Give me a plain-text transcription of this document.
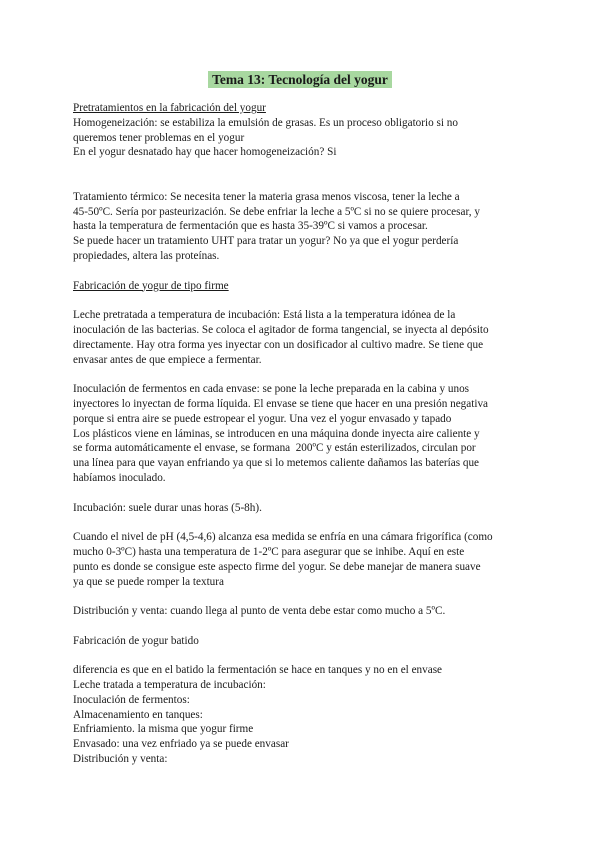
Tema 13: Tecnología del yogur

Pretratamientos en la fabricación del yogur

Homogeneización: se estabiliza la emulsión de grasas. Es un proceso obligatorio si no

queremos tener problemas en el yogur

En el yogur desnatado hay que hacer homogeneización? Si

Tratamiento térmico: Se necesita tener la materia grasa menos viscosa, tener la leche a

45-50ºC. Sería por pasteurización. Se debe enfriar la leche a 5ºC si no se quiere procesar, y

hasta la temperatura de fermentación que es hasta 35-39ºC si vamos a procesar.

Se puede hacer un tratamiento UHT para tratar un yogur? No ya que el yogur perdería

propiedades, altera las proteínas.

Fabricación de yogur de tipo firme

Leche pretratada a temperatura de incubación: Está lista a la temperatura idónea de la

inoculación de las bacterias. Se coloca el agitador de forma tangencial, se inyecta al depósito

directamente. Hay otra forma yes inyectar con un dosificador al cultivo madre. Se tiene que

envasar antes de que empiece a fermentar.

Inoculación de fermentos en cada envase: se pone la leche preparada en la cabina y unos

inyectores lo inyectan de forma líquida. El envase se tiene que hacer en una presión negativa

porque si entra aire se puede estropear el yogur. Una vez el yogur envasado y tapado

Los plásticos viene en láminas, se introducen en una máquina donde inyecta aire caliente y

se forma automáticamente el envase, se formana  200ºC y están esterilizados, circulan por

una línea para que vayan enfriando ya que si lo metemos caliente dañamos las baterías que

habíamos inoculado.

Incubación: suele durar unas horas (5-8h).

Cuando el nivel de pH (4,5-4,6) alcanza esa medida se enfría en una cámara frigorífica (como

mucho 0-3ºC) hasta una temperatura de 1-2ºC para asegurar que se inhibe. Aquí en este

punto es donde se consigue este aspecto firme del yogur. Se debe manejar de manera suave

ya que se puede romper la textura

Distribución y venta: cuando llega al punto de venta debe estar como mucho a 5ºC.

Fabricación de yogur batido

diferencia es que en el batido la fermentación se hace en tanques y no en el envase

Leche tratada a temperatura de incubación:

Inoculación de fermentos:

Almacenamiento en tanques:

Enfriamiento. la misma que yogur firme

Envasado: una vez enfriado ya se puede envasar

Distribución y venta:
